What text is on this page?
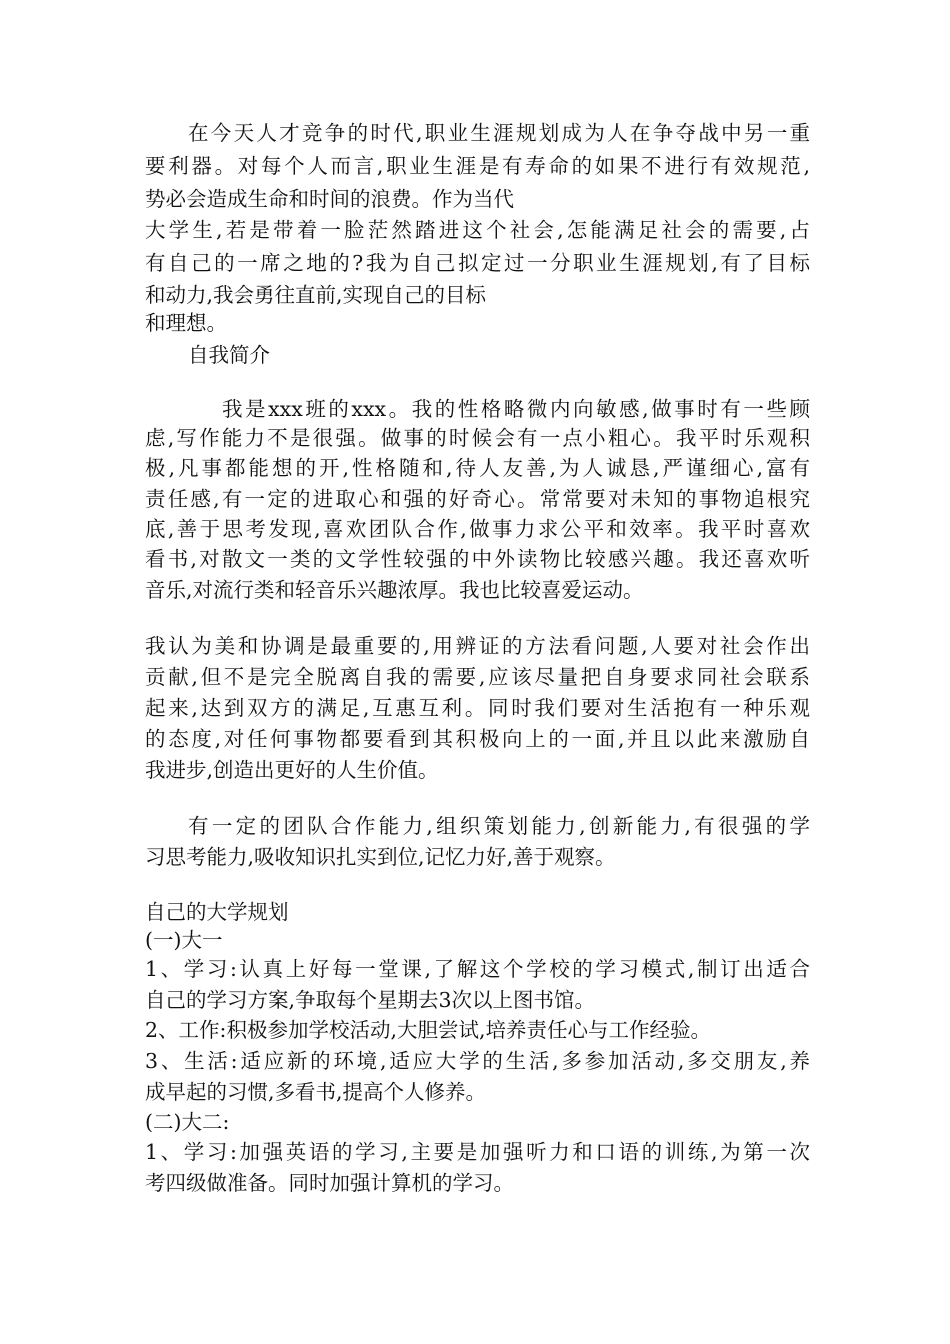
在今天人才竞争的时代,职业生涯规划成为人在争夺战中另一重
要利器。对每个人而言,职业生涯是有寿命的如果不进行有效规范,
势必会造成生命和时间的浪费。作为当代
大学生,若是带着一脸茫然踏进这个社会,怎能满足社会的需要,占
有自己的一席之地的?我为自己拟定过一分职业生涯规划,有了目标
和动力,我会勇往直前,实现自己的目标
和理想。
自我简介
我是xxx班的xxx。我的性格略微内向敏感,做事时有一些顾
虑,写作能力不是很强。做事的时候会有一点小粗心。我平时乐观积
极,凡事都能想的开,性格随和,待人友善,为人诚恳,严谨细心,富有
责任感,有一定的进取心和强的好奇心。常常要对未知的事物追根究
底,善于思考发现,喜欢团队合作,做事力求公平和效率。我平时喜欢
看书,对散文一类的文学性较强的中外读物比较感兴趣。我还喜欢听
音乐,对流行类和轻音乐兴趣浓厚。我也比较喜爱运动。
我认为美和协调是最重要的,用辨证的方法看问题,人要对社会作出
贡献,但不是完全脱离自我的需要,应该尽量把自身要求同社会联系
起来,达到双方的满足,互惠互利。同时我们要对生活抱有一种乐观
的态度,对任何事物都要看到其积极向上的一面,并且以此来激励自
我进步,创造出更好的人生价值。
有一定的团队合作能力,组织策划能力,创新能力,有很强的学
习思考能力,吸收知识扎实到位,记忆力好,善于观察。
自己的大学规划
(一)大一
1、学习:认真上好每一堂课,了解这个学校的学习模式,制订出适合
自己的学习方案,争取每个星期去3次以上图书馆。
2、工作:积极参加学校活动,大胆尝试,培养责任心与工作经验。
3、生活:适应新的环境,适应大学的生活,多参加活动,多交朋友,养
成早起的习惯,多看书,提高个人修养。
(二)大二:
1、学习:加强英语的学习,主要是加强听力和口语的训练,为第一次
考四级做准备。同时加强计算机的学习。
